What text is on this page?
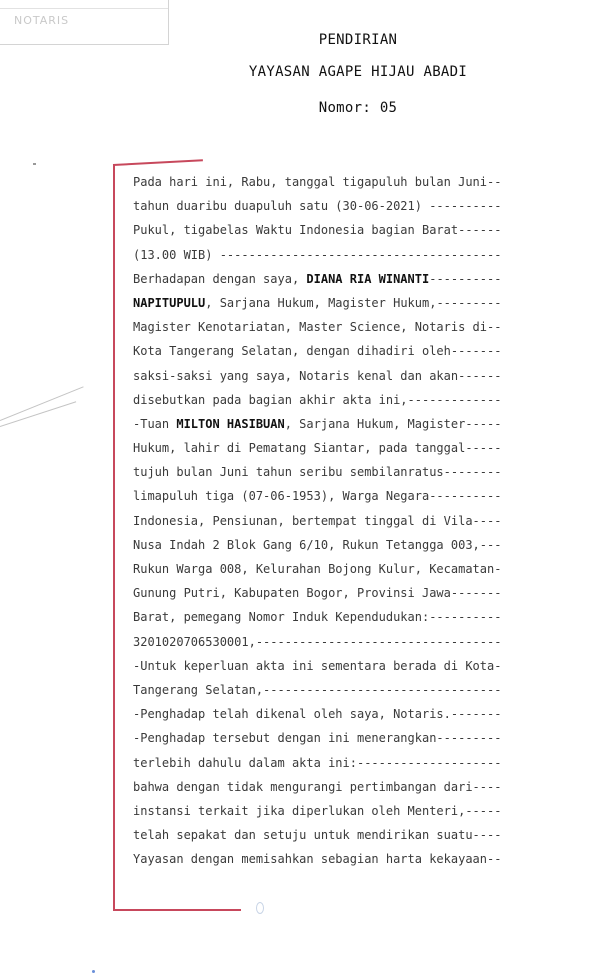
NOTARIS
PENDIRIAN
YAYASAN AGAPE HIJAU ABADI
Nomor: 05
Pada hari ini, Rabu, tanggal tigapuluh bulan Juni--
tahun duaribu duapuluh satu (30-06-2021) ----------
Pukul, tigabelas Waktu Indonesia bagian Barat------
(13.00 WIB) ---------------------------------------
Berhadapan dengan saya, DIANA RIA WINANTI----------
NAPITUPULU, Sarjana Hukum, Magister Hukum,---------
Magister Kenotariatan, Master Science, Notaris di--
Kota Tangerang Selatan, dengan dihadiri oleh-------
saksi-saksi yang saya, Notaris kenal dan akan------
disebutkan pada bagian akhir akta ini,-------------
-Tuan MILTON HASIBUAN, Sarjana Hukum, Magister-----
Hukum, lahir di Pematang Siantar, pada tanggal-----
tujuh bulan Juni tahun seribu sembilanratus--------
limapuluh tiga (07-06-1953), Warga Negara----------
Indonesia, Pensiunan, bertempat tinggal di Vila----
Nusa Indah 2 Blok Gang 6/10, Rukun Tetangga 003,---
Rukun Warga 008, Kelurahan Bojong Kulur, Kecamatan-
Gunung Putri, Kabupaten Bogor, Provinsi Jawa-------
Barat, pemegang Nomor Induk Kependudukan:----------
3201020706530001,----------------------------------
-Untuk keperluan akta ini sementara berada di Kota-
Tangerang Selatan,---------------------------------
-Penghadap telah dikenal oleh saya, Notaris.-------
-Penghadap tersebut dengan ini menerangkan---------
terlebih dahulu dalam akta ini:--------------------
bahwa dengan tidak mengurangi pertimbangan dari----
instansi terkait jika diperlukan oleh Menteri,-----
telah sepakat dan setuju untuk mendirikan suatu----
Yayasan dengan memisahkan sebagian harta kekayaan--
